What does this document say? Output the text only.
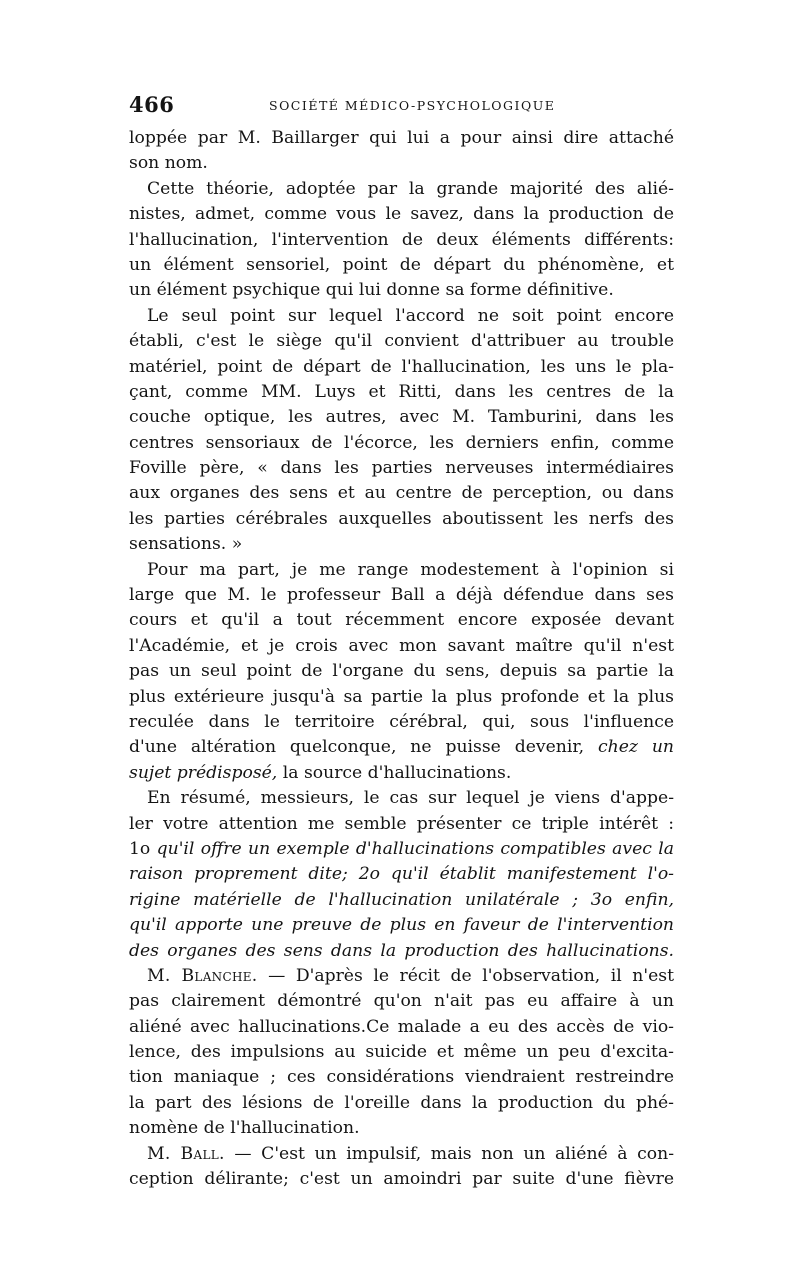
466	SOCIÉTÉ MÉDICO-PSYCHOLOGIQUE
loppée par M. Baillarger qui lui a pour ainsi dire attaché
son nom.
Cette théorie, adoptée par la grande majorité des alié-
nistes, admet, comme vous le savez, dans la production de
l'hallucination, l'intervention de deux éléments différents:
un élément sensoriel, point de départ du phénomène, et
un élément psychique qui lui donne sa forme définitive.
Le seul point sur lequel l'accord ne soit point encore
établi, c'est le siège qu'il convient d'attribuer au trouble
matériel, point de départ de l'hallucination, les uns le pla-
çant, comme MM. Luys et Ritti, dans les centres de la
couche optique, les autres, avec M. Tamburini, dans les
centres sensoriaux de l'écorce, les derniers enfin, comme
Foville père, « dans les parties nerveuses intermédiaires
aux organes des sens et au centre de perception, ou dans
les parties cérébrales auxquelles aboutissent les nerfs des
sensations. »
Pour ma part, je me range modestement à l'opinion si
large que M. le professeur Ball a déjà défendue dans ses
cours et qu'il a tout récemment encore exposée devant
l'Académie, et je crois avec mon savant maître qu'il n'est
pas un seul point de l'organe du sens, depuis sa partie la
plus extérieure jusqu'à sa partie la plus profonde et la plus
reculée dans le territoire cérébral, qui, sous l'influence
d'une altération quelconque, ne puisse devenir, chez un
sujet prédisposé, la source d'hallucinations.
En résumé, messieurs, le cas sur lequel je viens d'appe-
ler votre attention me semble présenter ce triple intérêt :
1o qu'il offre un exemple d'hallucinations compatibles avec la
raison proprement dite; 2o qu'il établit manifestement l'o-
rigine matérielle de l'hallucination unilatérale ; 3o enfin,
qu'il apporte une preuve de plus en faveur de l'intervention
des organes des sens dans la production des hallucinations.
M. Blanche. — D'après le récit de l'observation, il n'est
pas clairement démontré qu'on n'ait pas eu affaire à un
aliéné avec hallucinations.Ce malade a eu des accès de vio-
lence, des impulsions au suicide et même un peu d'excita-
tion maniaque ; ces considérations viendraient restreindre
la part des lésions de l'oreille dans la production du phé-
nomène de l'hallucination.
M. Ball. — C'est un impulsif, mais non un aliéné à con-
ception délirante; c'est un amoindri par suite d'une fièvre
